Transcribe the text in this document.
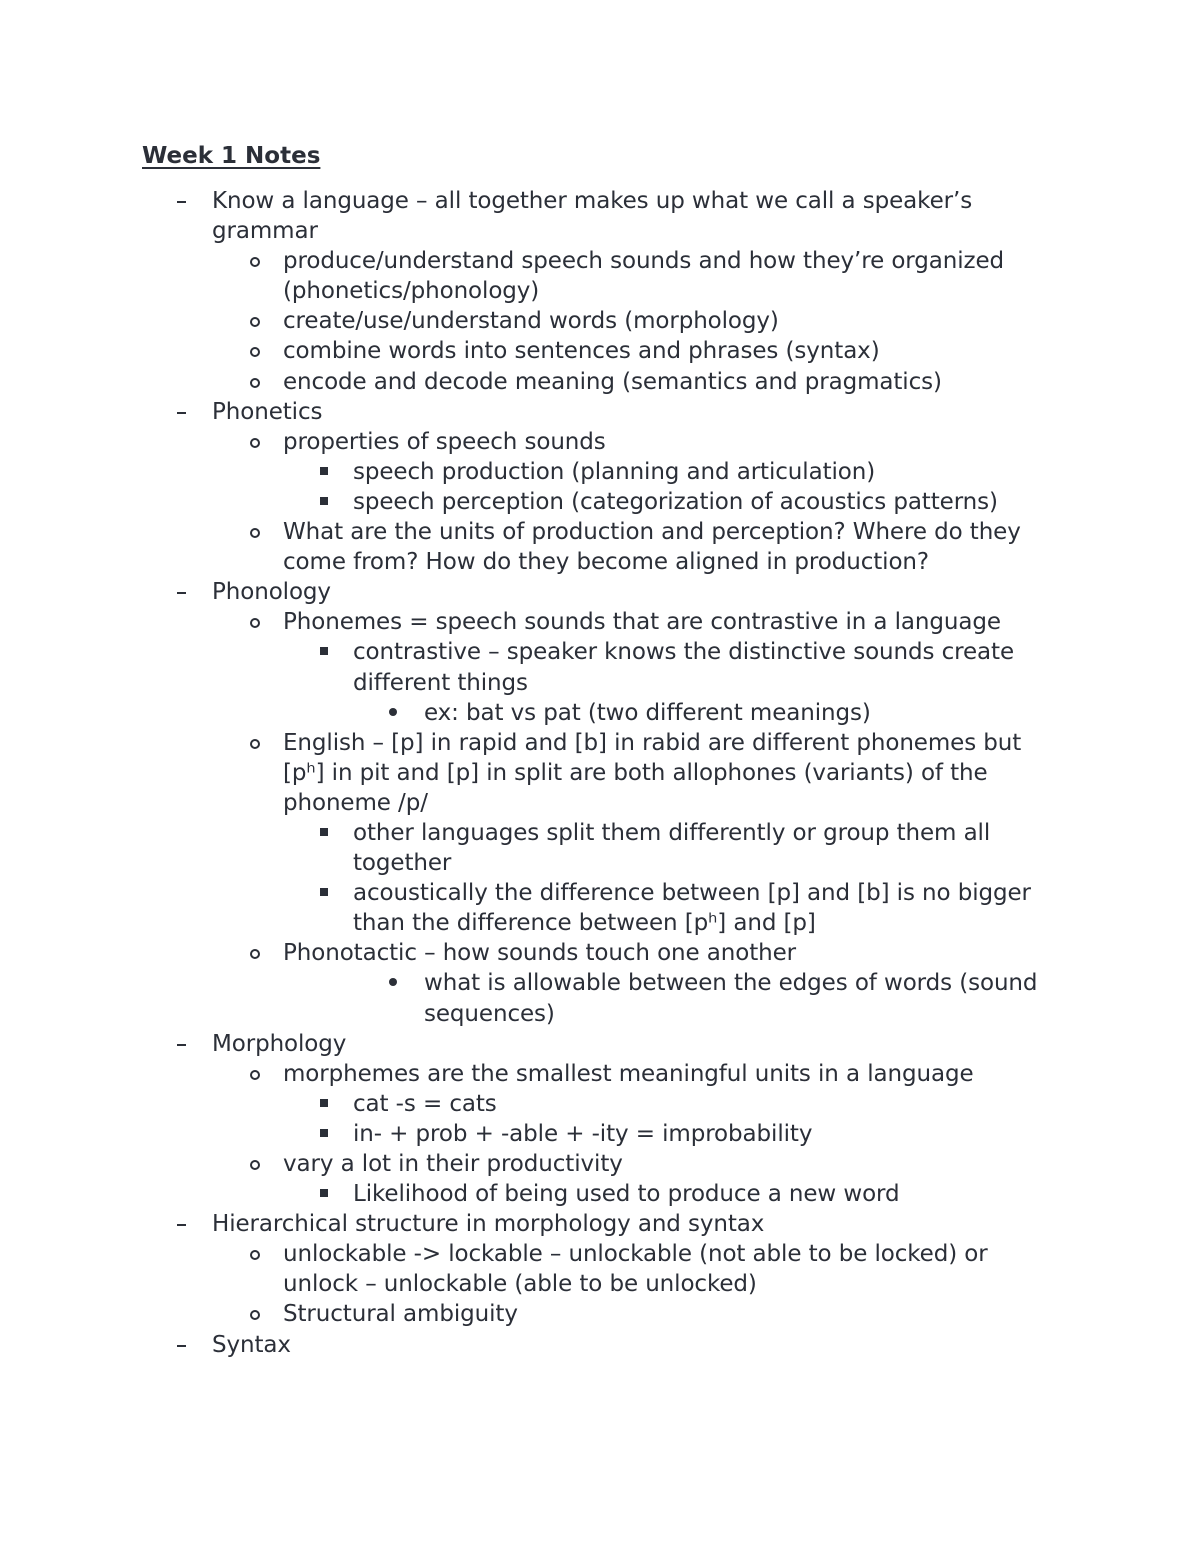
Week 1 Notes
Know a language – all together makes up what we call a speaker’s grammar
produce/understand speech sounds and how they’re organized (phonetics/phonology)
create/use/understand words (morphology)
combine words into sentences and phrases (syntax)
encode and decode meaning (semantics and pragmatics)
Phonetics
properties of speech sounds
speech production (planning and articulation)
speech perception (categorization of acoustics patterns)
What are the units of production and perception? Where do they come from? How do they become aligned in production?
Phonology
Phonemes = speech sounds that are contrastive in a language
contrastive – speaker knows the distinctive sounds create different things
ex: bat vs pat (two different meanings)
English – [p] in rapid and [b] in rabid are different phonemes but [pʰ] in pit and [p] in split are both allophones (variants) of the phoneme /p/
other languages split them differently or group them all together
acoustically the difference between [p] and [b] is no bigger than the difference between [pʰ] and [p]
Phonotactic – how sounds touch one another
what is allowable between the edges of words (sound sequences)
Morphology
morphemes are the smallest meaningful units in a language
cat -s = cats
in- + prob + -able + -ity = improbability
vary a lot in their productivity
Likelihood of being used to produce a new word
Hierarchical structure in morphology and syntax
unlockable -> lockable – unlockable (not able to be locked) or unlock – unlockable (able to be unlocked)
Structural ambiguity
Syntax
